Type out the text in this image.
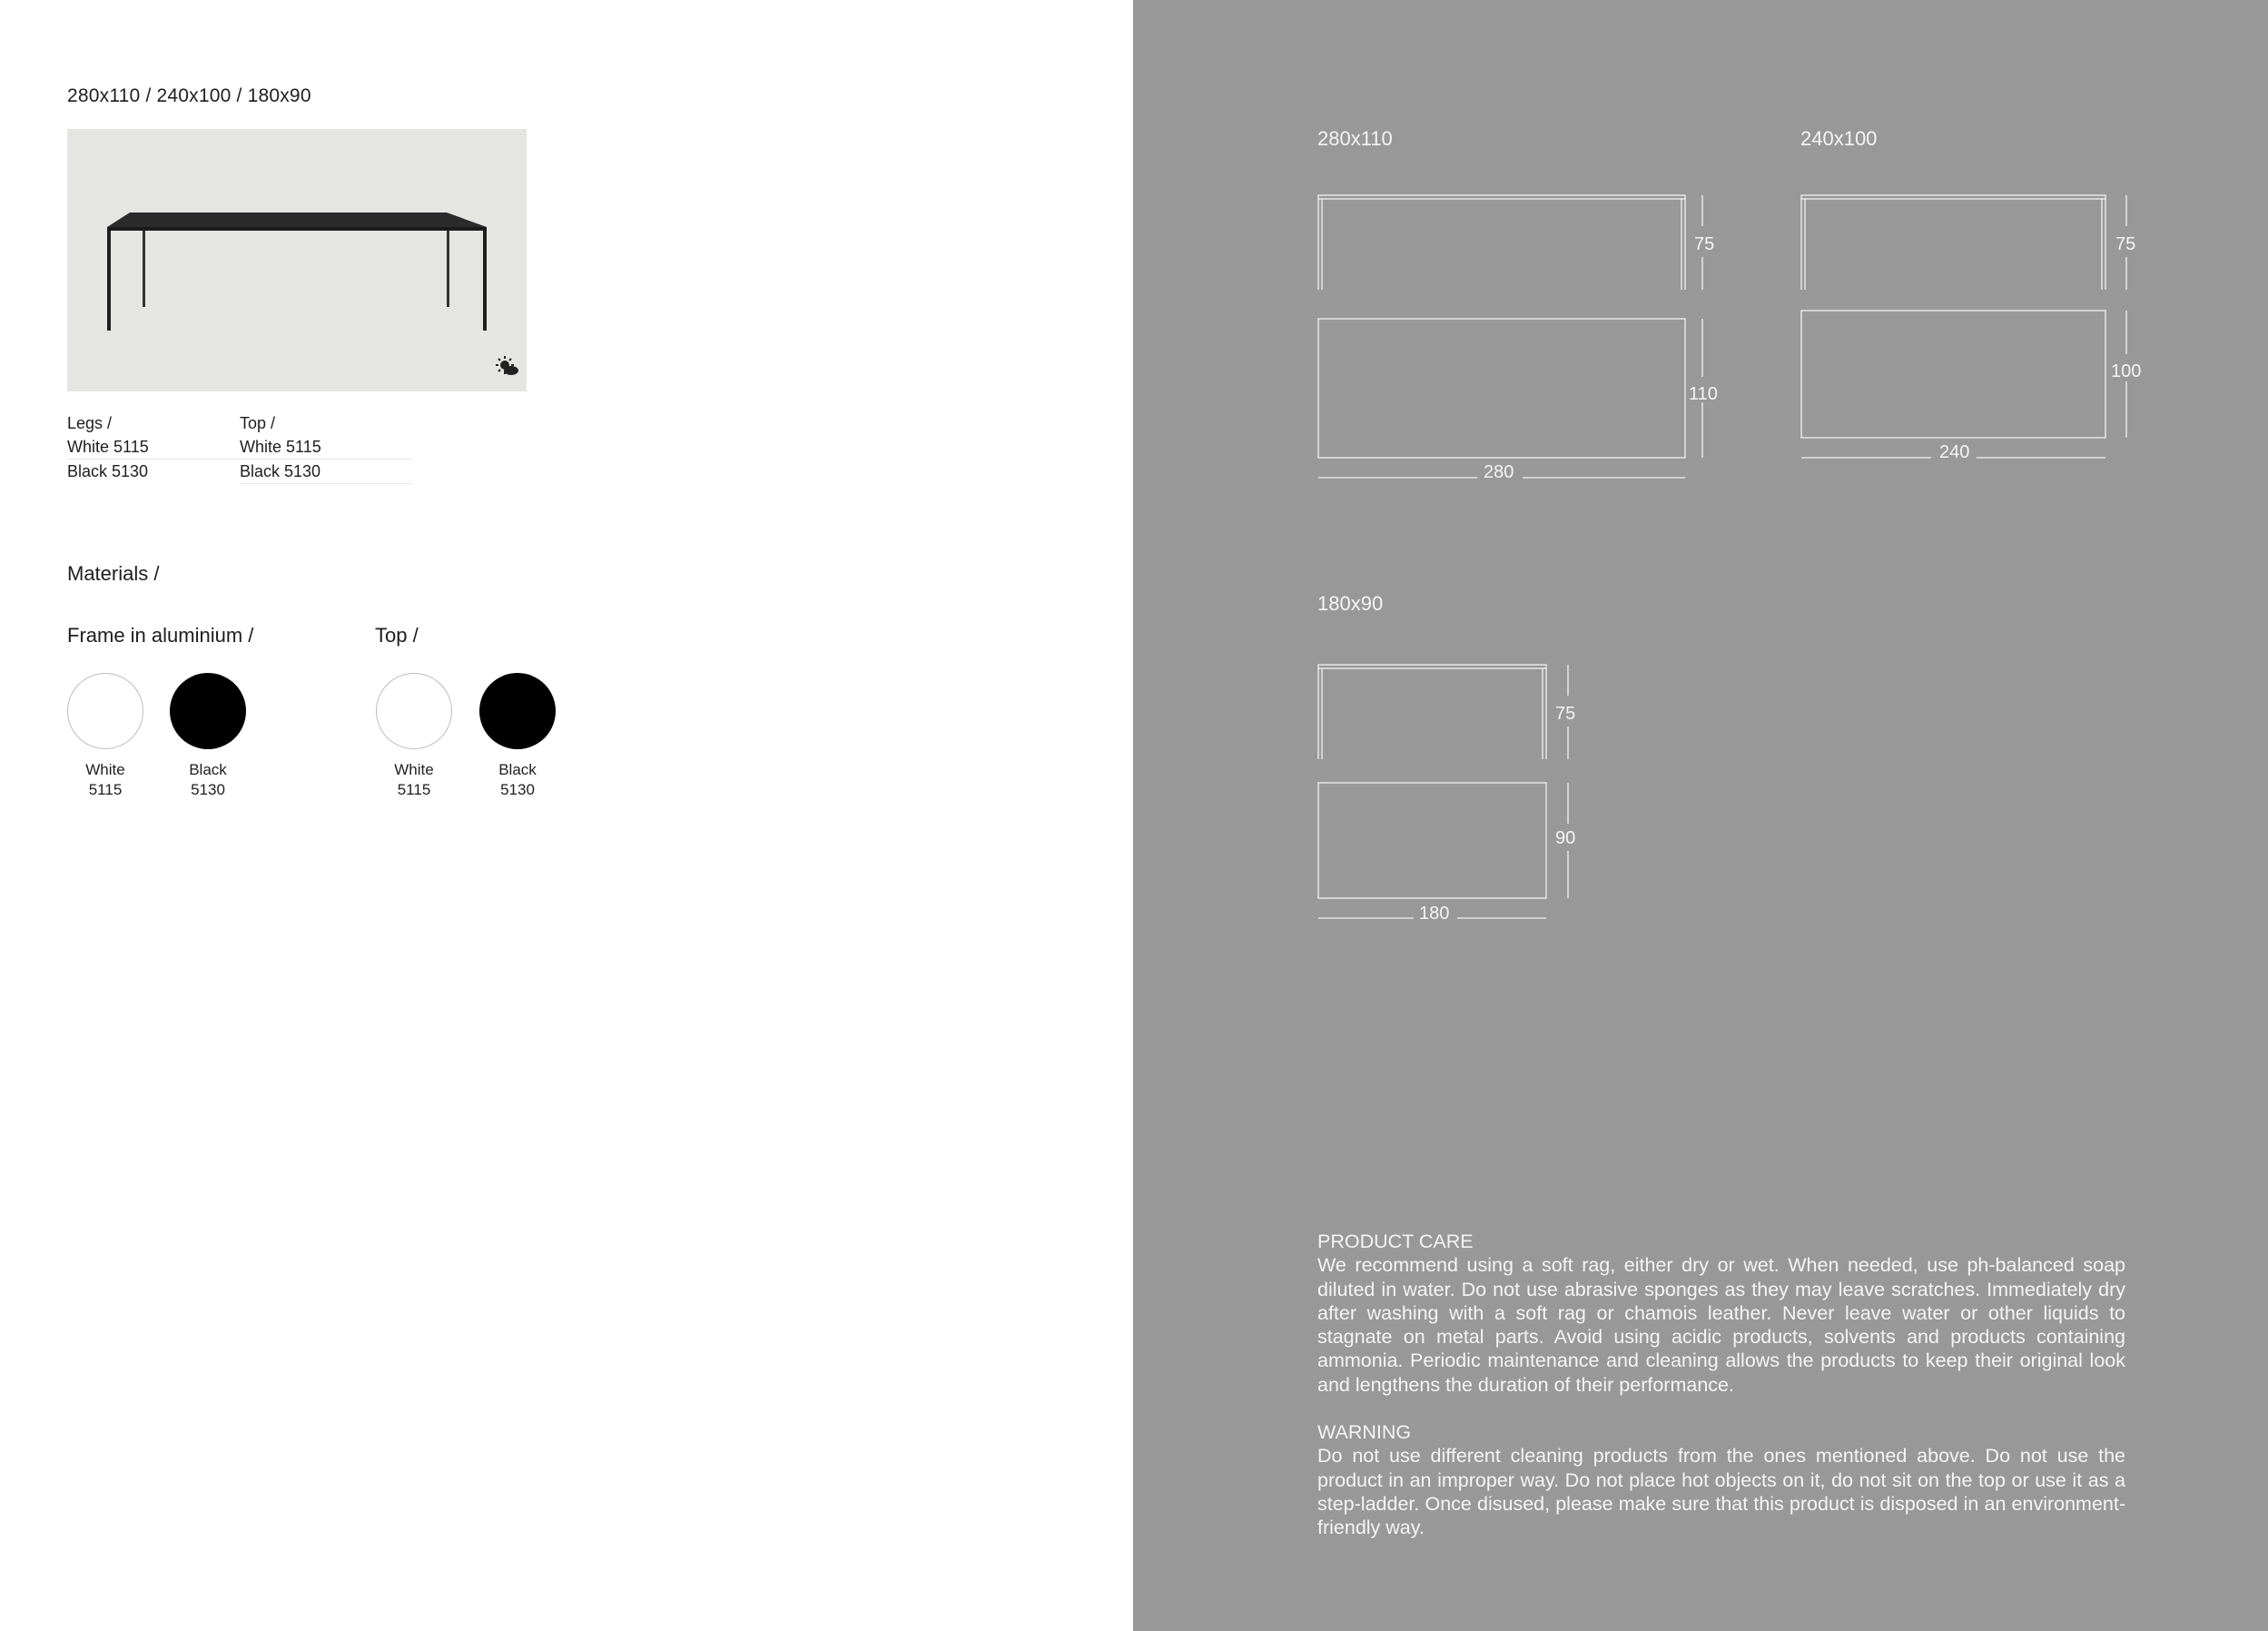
280x110 / 240x100 / 180x90
Legs /
White 5115
Black 5130
Top /
White 5115
Black 5130
Materials /
Frame in aluminium /
White
5115
Black
5130
Top /
White
5115
Black
5130
280x110
75
110
280
240x100
75
100
240
180x90
75
90
180

PRODUCT CARE

We recommend using a soft rag, either dry or wet. When needed, use ph-balanced soap diluted in water. Do not use abrasive sponges as they may leave scratches. Immediately dry after washing with a soft rag or chamois leather. Never leave water or other liquids to stagnate on metal parts. Avoid using acidic products, solvents and products containing ammonia. Periodic maintenance and cleaning allows the products to keep their original look and lengthens the duration of their performance.

WARNING

Do not use different cleaning products from the ones mentioned above. Do not use the product in an improper way. Do not place hot objects on it, do not sit on the top or use it as a step-ladder. Once disused, please make sure that this product is disposed in an environment-friendly way.
